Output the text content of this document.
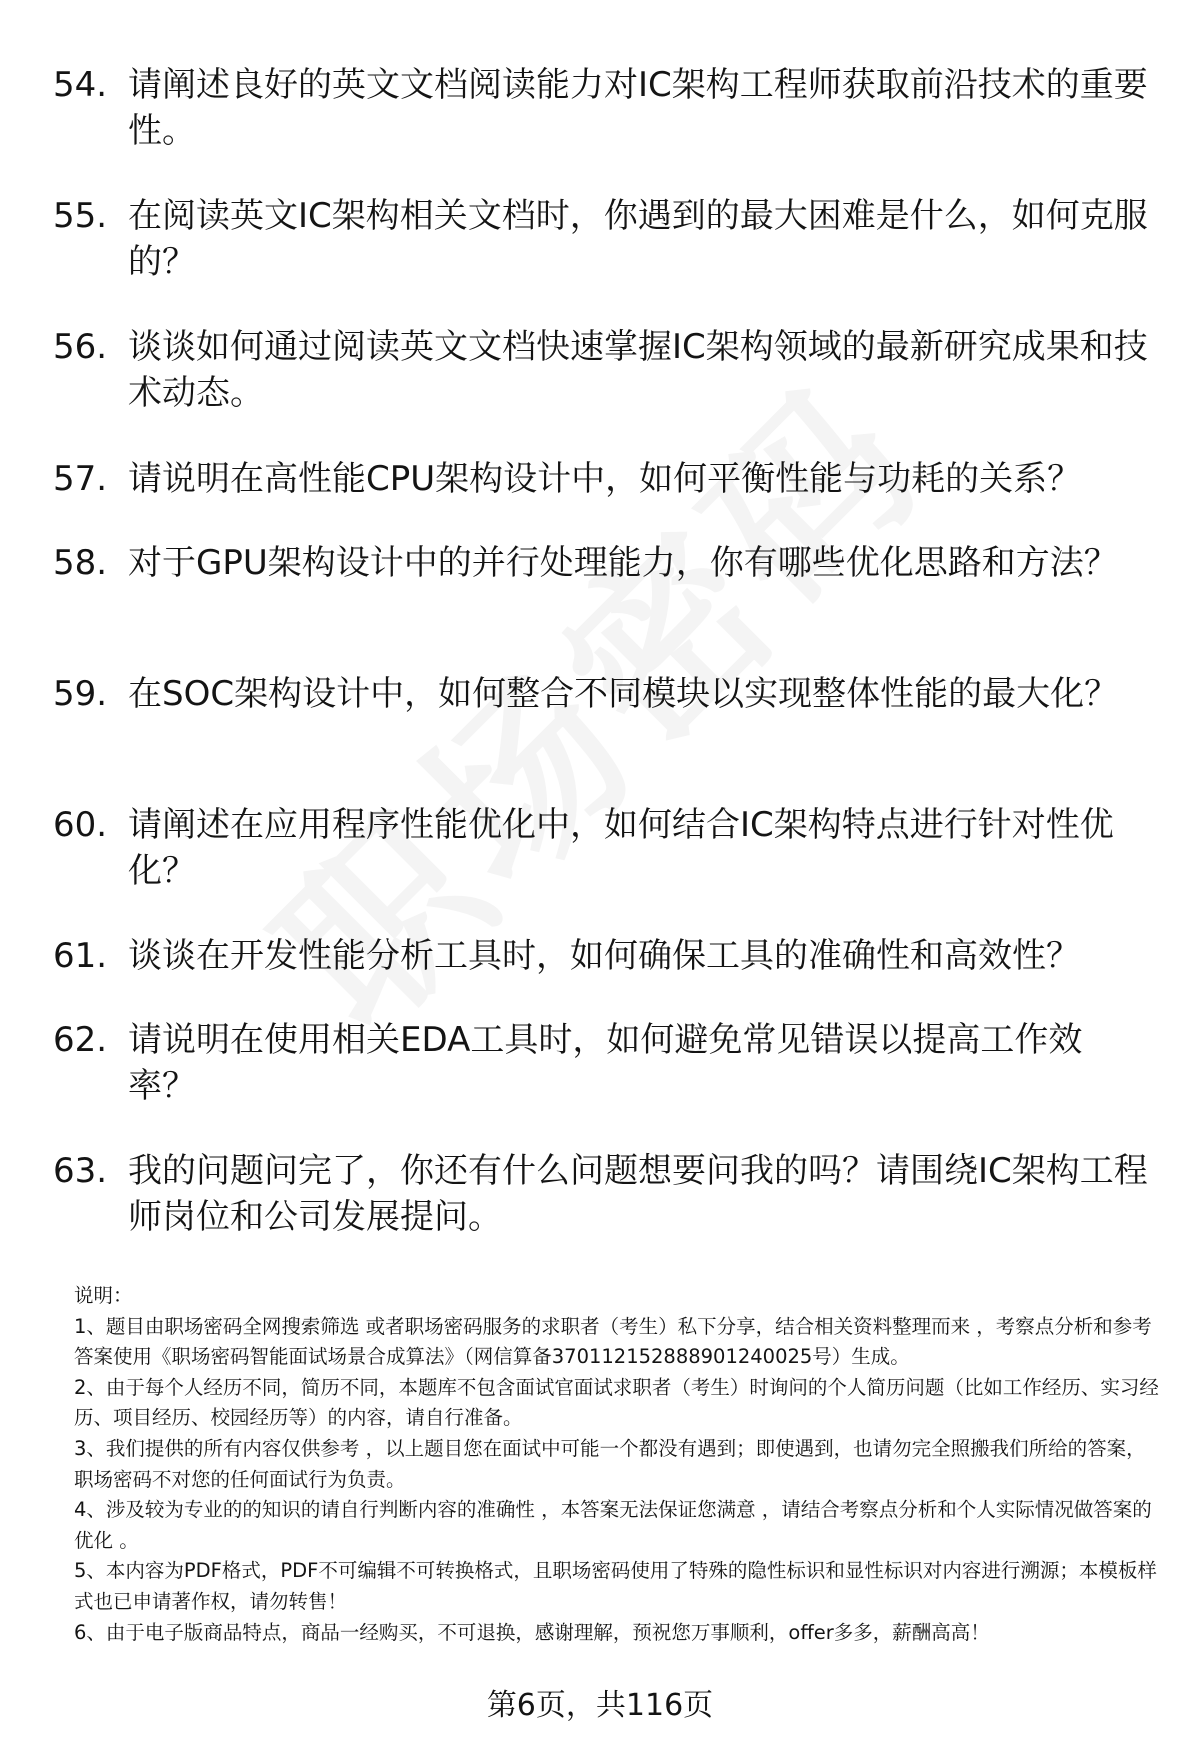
54. 请阐述良好的英文文档阅读能力对IC架构工程师获取前沿技术的重要性。
55. 在阅读英文IC架构相关文档时，你遇到的最大困难是什么，如何克服的？
56. 谈谈如何通过阅读英文文档快速掌握IC架构领域的最新研究成果和技术动态。
57. 请说明在高性能CPU架构设计中，如何平衡性能与功耗的关系？
58. 对于GPU架构设计中的并行处理能力，你有哪些优化思路和方法？
59. 在SOC架构设计中，如何整合不同模块以实现整体性能的最大化？
60. 请阐述在应用程序性能优化中，如何结合IC架构特点进行针对性优化？
61. 谈谈在开发性能分析工具时，如何确保工具的准确性和高效性？
62. 请说明在使用相关EDA工具时，如何避免常见错误以提高工作效率？
63. 我的问题问完了，你还有什么问题想要问我的吗？请围绕IC架构工程师岗位和公司发展提问。
说明：
1、题目由职场密码全网搜索筛选 或者职场密码服务的求职者（考生）私下分享，结合相关资料整理而来 ，考察点分析和参考答案使用《职场密码智能面试场景合成算法》（网信算备370112152888901240025号）生成。
2、由于每个人经历不同，简历不同，本题库不包含面试官面试求职者（考生）时询问的个人简历问题（比如工作经历、实习经历、项目经历、校园经历等）的内容，请自行准备。
3、我们提供的所有内容仅供参考 ，以上题目您在面试中可能一个都没有遇到；即使遇到，也请勿完全照搬我们所给的答案，职场密码不对您的任何面试行为负责。
4、涉及较为专业的的知识的请自行判断内容的准确性 ，本答案无法保证您满意 ，请结合考察点分析和个人实际情况做答案的优化 。
5、本内容为PDF格式，PDF不可编辑不可转换格式，且职场密码使用了特殊的隐性标识和显性标识对内容进行溯源；本模板样式也已申请著作权，请勿转售！
6、由于电子版商品特点，商品一经购买，不可退换，感谢理解，预祝您万事顺利，offer多多，薪酬高高！
第6页，共116页
